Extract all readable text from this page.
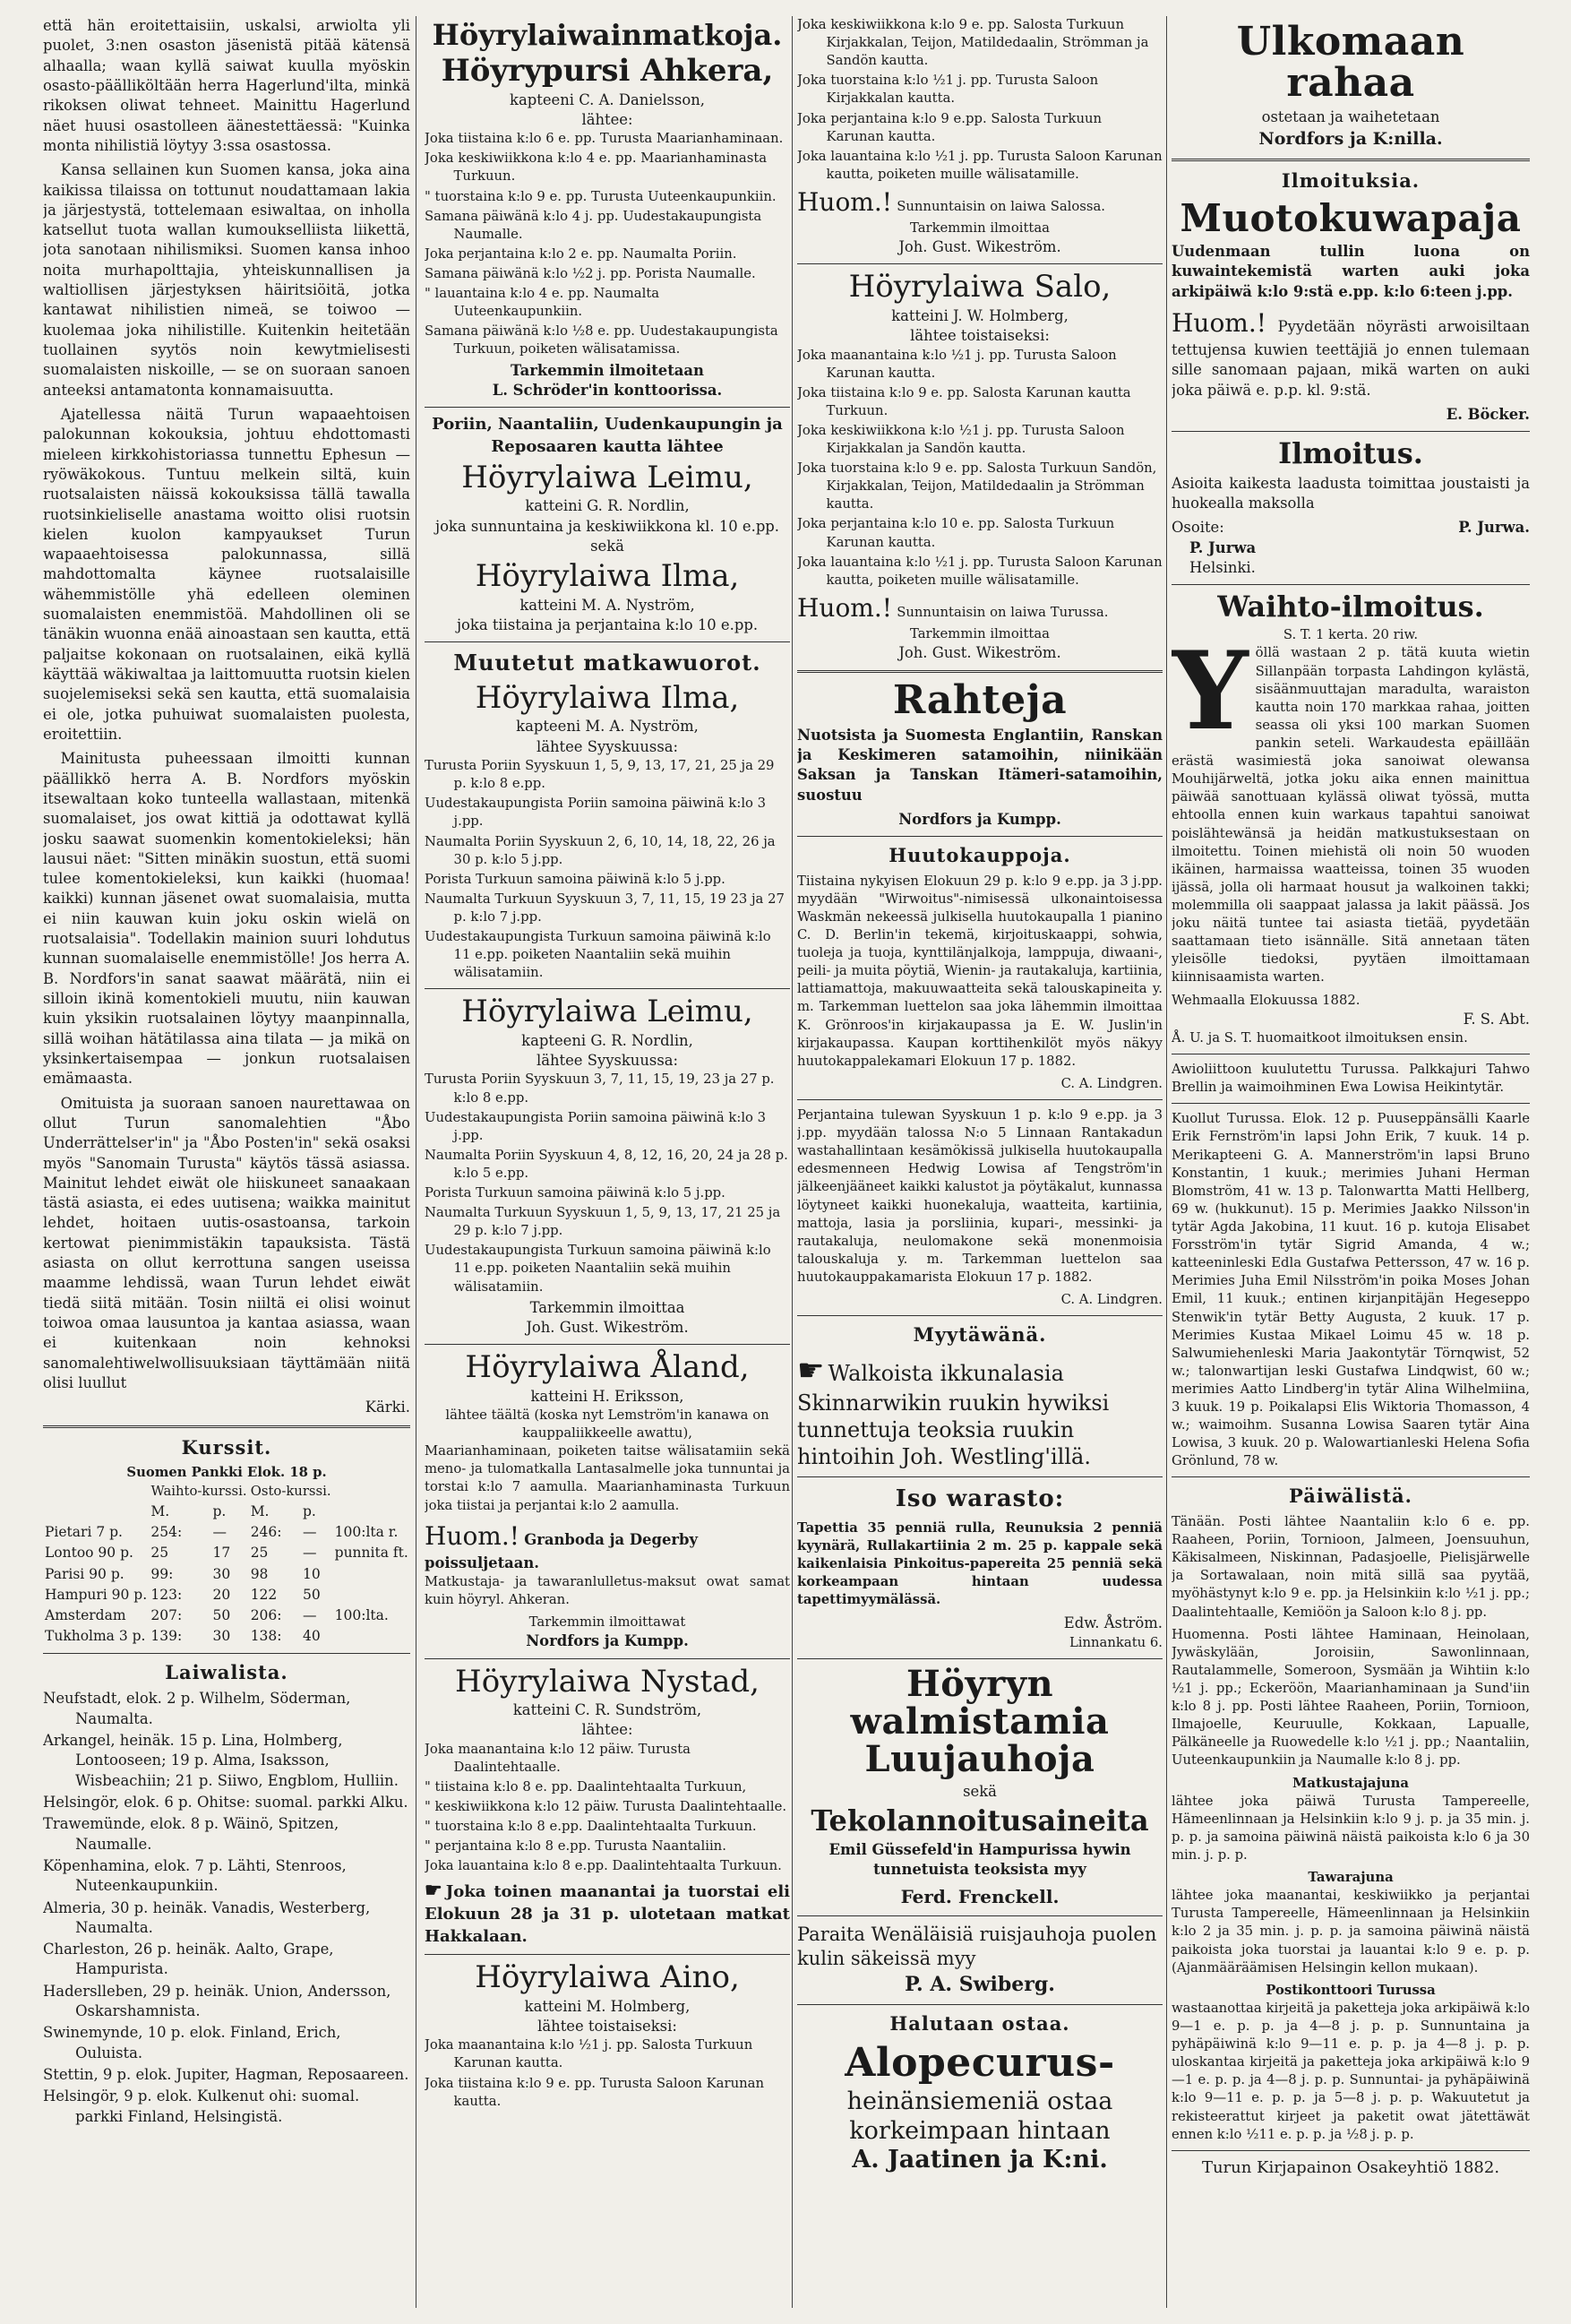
että hän eroitettaisiin, uskalsi, arwiolta yli puolet, 3:nen osaston jäsenistä pitää kätensä alhaalla; waan kyllä saiwat kuulla myöskin osasto-päälliköltään herra Hagerlund'ilta, minkä rikoksen oliwat tehneet. Mainittu Hagerlund näet huusi osastolleen äänestettäessä: "Kuinka monta nihilistiä löytyy 3:ssa osastossa.

Kansa sellainen kun Suomen kansa, joka aina kaikissa tilaissa on tottunut noudattamaan lakia ja järjestystä, tottelemaan esiwaltaa, on inholla katsellut tuota wallan kumoukselliista liikettä, jota sanotaan nihilismiksi. Suomen kansa inhoo noita murhapolttajia, yhteiskunnallisen ja waltiollisen järjestyksen häiritsiöitä, jotka kantawat nihilistien nimeä, se toiwoo — kuolemaa joka nihilistille. Kuitenkin heitetään tuollainen syytös noin kewytmielisesti suomalaisten niskoille, — se on suoraan sanoen anteeksi antamatonta konnamaisuutta.

Ajatellessa näitä Turun wapaaehtoisen palokunnan kokouksia, johtuu ehdottomasti mieleen kirkkohistoriassa tunnettu Ephesun — ryöwäkokous. Tuntuu melkein siltä, kuin ruotsalaisten näissä kokouksissa tällä tawalla ruotsinkieliselle anastama woitto olisi ruotsin kielen kuolon kampyaukset Turun wapaaehtoisessa palokunnassa, sillä mahdottomalta käynee ruotsalaisille wähemmistölle yhä edelleen oleminen suomalaisten enemmistöä. Mahdollinen oli se tänäkin wuonna enää ainoastaan sen kautta, että paljaitse kokonaan on ruotsalainen, eikä kyllä käyttää wäkiwaltaa ja laittomuutta ruotsin kielen suojelemiseksi sekä sen kautta, että suomalaisia ei ole, jotka puhuiwat suomalaisten puolesta, eroitettiin.

Mainitusta puheessaan ilmoitti kunnan päällikkö herra A. B. Nordfors myöskin itsewaltaan koko tunteella wallastaan, mitenkä suomalaiset, jos owat kittiä ja odottawat kyllä josku saawat suomenkin komentokieleksi; hän lausui näet: "Sitten minäkin suostun, että suomi tulee komentokieleksi, kun kaikki (huomaa! kaikki) kunnan jäsenet owat suomalaisia, mutta ei niin kauwan kuin joku oskin wielä on ruotsalaisia". Todellakin mainion suuri lohdutus kunnan suomalaiselle enemmistölle! Jos herra A. B. Nordfors'in sanat saawat määrätä, niin ei silloin ikinä komentokieli muutu, niin kauwan kuin yksikin ruotsalainen löytyy maanpinnalla, sillä woihan hätätilassa aina tilata — ja mikä on yksinkertaisempaa — jonkun ruotsalaisen emämaasta.

Omituista ja suoraan sanoen naurettawaa on ollut Turun sanomalehtien "Åbo Underrättelser'in" ja "Åbo Posten'in" sekä osaksi myös "Sanomain Turusta" käytös tässä asiassa. Mainitut lehdet eiwät ole hiiskuneet sanaakaan tästä asiasta, ei edes uutisena; waikka mainitut lehdet, hoitaen uutis-osastoansa, tarkoin kertowat pienimmistäkin tapauksista. Tästä asiasta on ollut kerrottuna sangen useissa maamme lehdissä, waan Turun lehdet eiwät tiedä siitä mitään. Tosin niiltä ei olisi woinut toiwoa omaa lausuntoa ja kantaa asiassa, waan ei kuitenkaan noin kehnoksi sanomalehtiwelwollisuuksiaan täyttämään niitä olisi luullut

Kärki.

Kurssit.
Suomen Pankki Elok. 18 p.
	Waihto-kurssi.		Osto-kurssi.		
	M.	p.	M.	p.	
Pietari 7 p.	254:	—	246:	—	100:lta r.
Lontoo 90 p.	25	17	25	—	punnita ft.
Parisi 90 p.	99:	30	98	10	
Hampuri 90 p.	123:	20	122	50	
Amsterdam	207:	50	206:	—	100:lta.
Tukholma 3 p.	139:	30	138:	40	
Laiwalista.

Neufstadt, elok. 2 p. Wilhelm, Söderman, Naumalta.

Arkangel, heinäk. 15 p. Lina, Holmberg, Lontooseen; 19 p. Alma, Isaksson, Wisbeachiin; 21 p. Siiwo, Engblom, Hulliin.

Helsingör, elok. 6 p. Ohitse: suomal. parkki Alku.

Trawemünde, elok. 8 p. Wäinö, Spitzen, Naumalle.

Köpenhamina, elok. 7 p. Lähti, Stenroos, Nuteenkaupunkiin.

Almeria, 30 p. heinäk. Vanadis, Westerberg, Naumalta.

Charleston, 26 p. heinäk. Aalto, Grape, Hampurista.

Haderslleben, 29 p. heinäk. Union, Andersson, Oskarshamnista.

Swinemynde, 10 p. elok. Finland, Erich, Ouluista.

Stettin, 9 p. elok. Jupiter, Hagman, Reposaareen.

Helsingör, 9 p. elok. Kulkenut ohi: suomal. parkki Finland, Helsingistä.

Höyrylaiwainmatkoja.
Höyrypursi Ahkera,
kapteeni C. A. Danielsson,
lähtee:

Joka tiistaina k:lo 6 e. pp. Turusta Maarianhaminaan.

Joka keskiwiikkona k:lo 4 e. pp. Maarianhaminasta Turkuun.

" tuorstaina k:lo 9 e. pp. Turusta Uuteenkaupunkiin.

Samana päiwänä k:lo 4 j. pp. Uudestakaupungista Naumalle.

Joka perjantaina k:lo 2 e. pp. Naumalta Poriin.

Samana päiwänä k:lo ½2 j. pp. Porista Naumalle.

" lauantaina k:lo 4 e. pp. Naumalta Uuteenkaupunkiin.

Samana päiwänä k:lo ½8 e. pp. Uudestakaupungista Turkuun, poiketen wälisatamissa.

Tarkemmin ilmoitetaan
L. Schröder'in konttoorissa.
Poriin, Naantaliin, Uudenkaupungin ja Reposaaren kautta lähtee
Höyrylaiwa Leimu,
katteini G. R. Nordlin,
joka sunnuntaina ja keskiwiikkona kl. 10 e.pp.
sekä
Höyrylaiwa Ilma,
katteini M. A. Nyström,
joka tiistaina ja perjantaina k:lo 10 e.pp.
Muutetut matkawuorot.
Höyrylaiwa Ilma,
kapteeni M. A. Nyström,
lähtee Syyskuussa:

Turusta Poriin Syyskuun 1, 5, 9, 13, 17, 21, 25 ja 29 p. k:lo 8 e.pp.

Uudestakaupungista Poriin samoina päiwinä k:lo 3 j.pp.

Naumalta Poriin Syyskuun 2, 6, 10, 14, 18, 22, 26 ja 30 p. k:lo 5 j.pp.

Porista Turkuun samoina päiwinä k:lo 5 j.pp.

Naumalta Turkuun Syyskuun 3, 7, 11, 15, 19 23 ja 27 p. k:lo 7 j.pp.

Uudestakaupungista Turkuun samoina päiwinä k:lo 11 e.pp. poiketen Naantaliin sekä muihin wälisatamiin.

Höyrylaiwa Leimu,
kapteeni G. R. Nordlin,
lähtee Syyskuussa:

Turusta Poriin Syyskuun 3, 7, 11, 15, 19, 23 ja 27 p. k:lo 8 e.pp.

Uudestakaupungista Poriin samoina päiwinä k:lo 3 j.pp.

Naumalta Poriin Syyskuun 4, 8, 12, 16, 20, 24 ja 28 p. k:lo 5 e.pp.

Porista Turkuun samoina päiwinä k:lo 5 j.pp.

Naumalta Turkuun Syyskuun 1, 5, 9, 13, 17, 21 25 ja 29 p. k:lo 7 j.pp.

Uudestakaupungista Turkuun samoina päiwinä k:lo 11 e.pp. poiketen Naantaliin sekä muihin wälisatamiin.

Tarkemmin ilmoittaa
Joh. Gust. Wikeström.
Höyrylaiwa Åland,
katteini H. Eriksson,
lähtee täältä (koska nyt Lemström'in kanawa on kauppaliikkeelle awattu),

Maarianhaminaan, poiketen taitse wälisatamiin sekä meno- ja tulomatkalla Lantasalmelle joka tunnuntai ja torstai k:lo 7 aamulla. Maarianhaminasta Turkuun joka tiistai ja perjantai k:lo 2 aamulla.

Huom.! Granboda ja Degerby poissuljetaan.

Matkustaja- ja tawaranlulletus-maksut owat samat kuin höyryl. Ahkeran.

Tarkemmin ilmoittawat
Nordfors ja Kumpp.
Höyrylaiwa Nystad,
katteini C. R. Sundström,
lähtee:

Joka maanantaina k:lo 12 päiw. Turusta Daalintehtaalle.

" tiistaina k:lo 8 e. pp. Daalintehtaalta Turkuun,

" keskiwiikkona k:lo 12 päiw. Turusta Daalintehtaalle.

" tuorstaina k:lo 8 e.pp. Daalintehtaalta Turkuun.

" perjantaina k:lo 8 e.pp. Turusta Naantaliin.

Joka lauantaina k:lo 8 e.pp. Daalintehtaalta Turkuun.

☛ Joka toinen maanantai ja tuorstai eli Elokuun 28 ja 31 p. ulotetaan matkat Hakkalaan.

Höyrylaiwa Aino,
katteini M. Holmberg,
lähtee toistaiseksi:

Joka maanantaina k:lo ½1 j. pp. Salosta Turkuun Karunan kautta.

Joka tiistaina k:lo 9 e. pp. Turusta Saloon Karunan kautta.

Joka keskiwiikkona k:lo 9 e. pp. Salosta Turkuun Kirjakkalan, Teijon, Matildedaalin, Strömman ja Sandön kautta.

Joka tuorstaina k:lo ½1 j. pp. Turusta Saloon Kirjakkalan kautta.

Joka perjantaina k:lo 9 e.pp. Salosta Turkuun Karunan kautta.

Joka lauantaina k:lo ½1 j. pp. Turusta Saloon Karunan kautta, poiketen muille wälisatamille.

Huom.! Sunnuntaisin on laiwa Salossa.
Tarkemmin ilmoittaa
Joh. Gust. Wikeström.
Höyrylaiwa Salo,
katteini J. W. Holmberg,
lähtee toistaiseksi:

Joka maanantaina k:lo ½1 j. pp. Turusta Saloon Karunan kautta.

Joka tiistaina k:lo 9 e. pp. Salosta Karunan kautta Turkuun.

Joka keskiwiikkona k:lo ½1 j. pp. Turusta Saloon Kirjakkalan ja Sandön kautta.

Joka tuorstaina k:lo 9 e. pp. Salosta Turkuun Sandön, Kirjakkalan, Teijon, Matildedaalin ja Strömman kautta.

Joka perjantaina k:lo 10 e. pp. Salosta Turkuun Karunan kautta.

Joka lauantaina k:lo ½1 j. pp. Turusta Saloon Karunan kautta, poiketen muille wälisatamille.

Huom.! Sunnuntaisin on laiwa Turussa.
Tarkemmin ilmoittaa
Joh. Gust. Wikeström.
Rahteja

Nuotsista ja Suomesta Englantiin, Ranskan ja Keskimeren satamoihin, niinikään Saksan ja Tanskan Itämeri-satamoihin, suostuu

Nordfors ja Kumpp.
Huutokauppoja.

Tiistaina nykyisen Elokuun 29 p. k:lo 9 e.pp. ja 3 j.pp. myydään "Wirwoitus"-nimisessä ulkonaintoisessa Waskmän nekeessä julkisella huutokaupalla 1 pianino C. D. Berlin'in tekemä, kirjoituskaappi, sohwia, tuoleja ja tuoja, kynttilänjalkoja, lamppuja, diwaani-, peili- ja muita pöytiä, Wienin- ja rautakaluja, kartiinia, lattiamattoja, makuuwaatteita sekä talouskapineita y. m. Tarkemman luettelon saa joka lähemmin ilmoittaa K. Grönroos'in kirjakaupassa ja E. W. Juslin'in kirjakaupassa. Kaupan korttihenkilöt myös näkyy huutokappalekamari Elokuun 17 p. 1882.

C. A. Lindgren.

Perjantaina tulewan Syyskuun 1 p. k:lo 9 e.pp. ja 3 j.pp. myydään talossa N:o 5 Linnaan Rantakadun wastahallintaan kesämökissä julkisella huutokaupalla edesmenneen Hedwig Lowisa af Tengström'in jälkeenjääneet kaikki kalustot ja pöytäkalut, kunnassa löytyneet kaikki huonekaluja, waatteita, kartiinia, mattoja, lasia ja porsliinia, kupari-, messinki- ja rautakaluja, neulomakone sekä monenmoisia talouskaluja y. m. Tarkemman luettelon saa huutokauppakamarista Elokuun 17 p. 1882.

C. A. Lindgren.
Myytäwänä.
☛ Walkoista ikkunalasia Skinnarwikin ruukin hywiksi tunnettuja teoksia ruukin hintoihin Joh. Westling'illä.
Iso warasto:

Tapettia 35 penniä rulla, Reunuksia 2 penniä kyynärä, Rullakartiinia 2 m. 25 p. kappale sekä kaikenlaisia Pinkoitus-papereita 25 penniä sekä korkeampaan hintaan uudessa tapettimyymälässä.

Edw. Åström.
Linnankatu 6.
Höyryn walmistamia Luujauhoja
sekä
Tekolannoitusaineita

Emil Güssefeld'in Hampurissa hywin tunnetuista teoksista myy

Ferd. Frenckell.
Paraita Wenäläisiä ruisjauhoja puolen kulin säkeissä myy
P. A. Swiberg.
Halutaan ostaa.
Alopecurus-
heinänsiemeniä ostaa korkeimpaan hintaan
A. Jaatinen ja K:ni.
Ulkomaan rahaa
ostetaan ja waihetetaan
Nordfors ja K:nilla.
Ilmoituksia.
Muotokuwapaja

Uudenmaan tullin luona on kuwaintekemistä warten auki joka arkipäiwä k:lo 9:stä e.pp. k:lo 6:teen j.pp.

Huom.! Pyydetään nöyrästi arwoisiltaan tettujensa kuwien teettäjiä jo ennen tulemaan sille sanomaan pajaan, mikä warten on auki joka päiwä e. p.p. kl. 9:stä.

E. Böcker.
Ilmoitus.

Asioita kaikesta laadusta toimittaa joustaisti ja huokealla maksolla

Osoite:	P. Jurwa.
P. Jurwa
Helsinki.
Waihto-ilmoitus.
S. T. 1 kerta. 20 riw.

Yöllä wastaan 2 p. tätä kuuta wietin Sillanpään torpasta Lahdingon kylästä, sisäänmuuttajan maradulta, waraiston kautta noin 170 markkaa rahaa, joitten seassa oli yksi 100 markan Suomen pankin seteli. Warkaudesta epäillään erästä wasimiestä joka sanoiwat olewansa Mouhijärweltä, jotka joku aika ennen mainittua päiwää sanottuaan kylässä oliwat työssä, mutta ehtoolla ennen kuin warkaus tapahtui sanoiwat poislähtewänsä ja heidän matkustuksestaan on ilmoitettu. Toinen miehistä oli noin 50 wuoden ikäinen, harmaissa waatteissa, toinen 35 wuoden ijässä, jolla oli harmaat housut ja walkoinen takki; molemmilla oli saappaat jalassa ja lakit päässä. Jos joku näitä tuntee tai asiasta tietää, pyydetään saattamaan tieto isännälle. Sitä annetaan täten yleisölle tiedoksi, pyytäen ilmoittamaan kiinnisaamista warten.

Wehmaalla Elokuussa 1882.
F. S. Abt.
Å. U. ja S. T. huomaitkoot ilmoituksen ensin.

Awioliittoon kuulutettu Turussa. Palkkajuri Tahwo Brellin ja waimoihminen Ewa Lowisa Heikintytär.

Kuollut Turussa. Elok. 12 p. Puuseppänsälli Kaarle Erik Fernström'in lapsi John Erik, 7 kuuk. 14 p. Merikapteeni G. A. Mannerström'in lapsi Bruno Konstantin, 1 kuuk.; merimies Juhani Herman Blomström, 41 w. 13 p. Talonwartta Matti Hellberg, 69 w. (hukkunut). 15 p. Merimies Jaakko Nilsson'in tytär Agda Jakobina, 11 kuut. 16 p. kutoja Elisabet Forsström'in tytär Sigrid Amanda, 4 w.; katteeninleski Edla Gustafwa Pettersson, 47 w. 16 p. Merimies Juha Emil Nilsström'in poika Moses Johan Emil, 11 kuuk.; entinen kirjanpitäjän Hegeseppo Stenwik'in tytär Betty Augusta, 2 kuuk. 17 p. Merimies Kustaa Mikael Loimu 45 w. 18 p. Salwumiehenleski Maria Jaakontytär Törnqwist, 52 w.; talonwartijan leski Gustafwa Lindqwist, 60 w.; merimies Aatto Lindberg'in tytär Alina Wilhelmiina, 3 kuuk. 19 p. Poikalapsi Elis Wiktoria Thomasson, 4 w.; waimoihm. Susanna Lowisa Saaren tytär Aina Lowisa, 3 kuuk. 20 p. Walowartianleski Helena Sofia Grönlund, 78 w.

Päiwälistä.

Tänään. Posti lähtee Naantaliin k:lo 6 e. pp. Raaheen, Poriin, Tornioon, Jalmeen, Joensuuhun, Käkisalmeen, Niskinnan, Padasjoelle, Pielisjärwelle ja Sortawalaan, noin mitä sillä saa pyytää, myöhästynyt k:lo 9 e. pp. ja Helsinkiin k:lo ½1 j. pp.; Daalintehtaalle, Kemiöön ja Saloon k:lo 8 j. pp.

Huomenna. Posti lähtee Haminaan, Heinolaan, Jywäskylään, Joroisiin, Sawonlinnaan, Rautalammelle, Someroon, Sysmään ja Wihtiin k:lo ½1 j. pp.; Eckeröön, Maarianhaminaan ja Sund'iin k:lo 8 j. pp. Posti lähtee Raaheen, Poriin, Tornioon, Ilmajoelle, Keuruulle, Kokkaan, Lapualle, Pälkäneelle ja Ruowedelle k:lo ½1 j. pp.; Naantaliin, Uuteenkaupunkiin ja Naumalle k:lo 8 j. pp.

Matkustajajuna

lähtee joka päiwä Turusta Tampereelle, Hämeenlinnaan ja Helsinkiin k:lo 9 j. p. ja 35 min. j. p. p. ja samoina päiwinä näistä paikoista k:lo 6 ja 30 min. j. p. p.

Tawarajuna

lähtee joka maanantai, keskiwiikko ja perjantai Turusta Tampereelle, Hämeenlinnaan ja Helsinkiin k:lo 2 ja 35 min. j. p. p. ja samoina päiwinä näistä paikoista joka tuorstai ja lauantai k:lo 9 e. p. p. (Ajanmääräämisen Helsingin kellon mukaan).

Postikonttoori Turussa

wastaanottaa kirjeitä ja paketteja joka arkipäiwä k:lo 9—1 e. p. p. ja 4—8 j. p. p. Sunnuntaina ja pyhäpäiwinä k:lo 9—11 e. p. p. ja 4—8 j. p. p. uloskantaa kirjeitä ja paketteja joka arkipäiwä k:lo 9—1 e. p. p. ja 4—8 j. p. p. Sunnuntai- ja pyhäpäiwinä k:lo 9—11 e. p. p. ja 5—8 j. p. p. Wakuutetut ja rekisteerattut kirjeet ja paketit owat jätettäwät ennen k:lo ½11 e. p. p. ja ½8 j. p. p.

Turun Kirjapainon Osakeyhtiö 1882.
